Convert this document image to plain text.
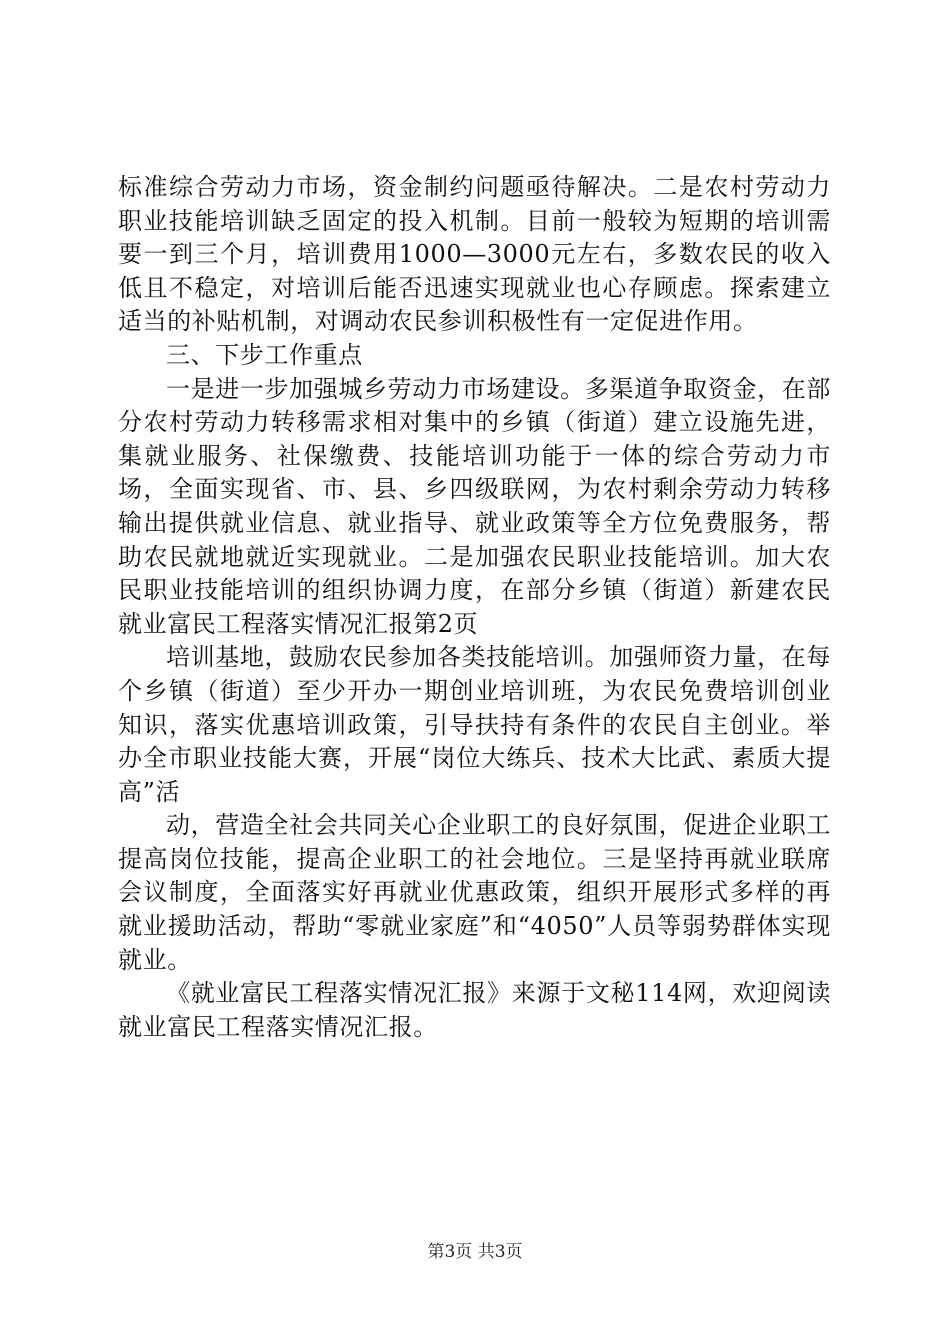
标准综合劳动力市场，资金制约问题亟待解决。二是农村劳动力职业技能培训缺乏固定的投入机制。目前一般较为短期的培训需要一到三个月，培训费用1000—3000元左右，多数农民的收入低且不稳定，对培训后能否迅速实现就业也心存顾虑。探索建立适当的补贴机制，对调动农民参训积极性有一定促进作用。

三、下步工作重点

一是进一步加强城乡劳动力市场建设。多渠道争取资金，在部分农村劳动力转移需求相对集中的乡镇（街道）建立设施先进，集就业服务、社保缴费、技能培训功能于一体的综合劳动力市场，全面实现省、市、县、乡四级联网，为农村剩余劳动力转移输出提供就业信息、就业指导、就业政策等全方位免费服务，帮助农民就地就近实现就业。二是加强农民职业技能培训。加大农民职业技能培训的组织协调力度，在部分乡镇（街道）新建农民就业富民工程落实情况汇报第2页

培训基地，鼓励农民参加各类技能培训。加强师资力量，在每个乡镇（街道）至少开办一期创业培训班，为农民免费培训创业知识，落实优惠培训政策，引导扶持有条件的农民自主创业。举办全市职业技能大赛，开展“岗位大练兵、技术大比武、素质大提高”活

动，营造全社会共同关心企业职工的良好氛围，促进企业职工提高岗位技能，提高企业职工的社会地位。三是坚持再就业联席会议制度，全面落实好再就业优惠政策，组织开展形式多样的再就业援助活动，帮助“零就业家庭”和“4050”人员等弱势群体实现就业。

《就业富民工程落实情况汇报》来源于文秘114网，欢迎阅读就业富民工程落实情况汇报。

第3页 共3页
